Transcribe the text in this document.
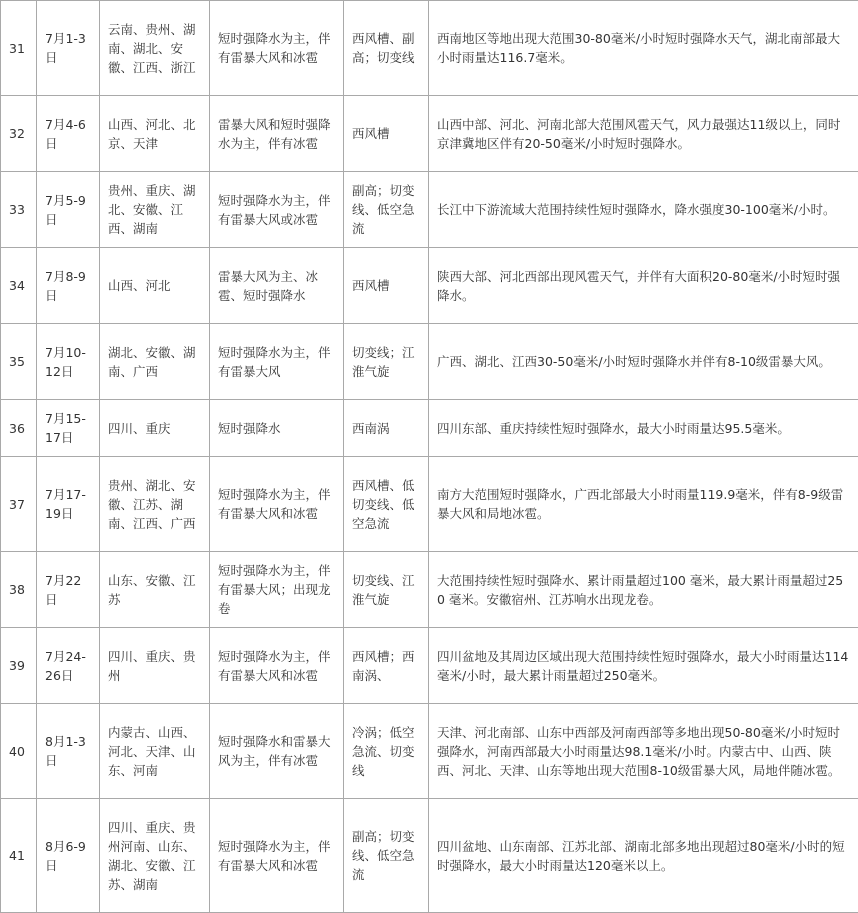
31	7月1-3日	云南、贵州、湖南、湖北、安徽、江西、浙江	短时强降水为主，伴有雷暴大风和冰雹	西风槽、副高；切变线	西南地区等地出现大范围30-80毫米/小时短时强降水天气，湖北南部最大小时雨量达116.7毫米。
32	7月4-6日	山西、河北、北京、天津	雷暴大风和短时强降水为主，伴有冰雹	西风槽	山西中部、河北、河南北部大范围风雹天气，风力最强达11级以上，同时京津冀地区伴有20-50毫米/小时短时强降水。
33	7月5-9日	贵州、重庆、湖北、安徽、江西、湖南	短时强降水为主，伴有雷暴大风或冰雹	副高；切变线、低空急流	长江中下游流域大范围持续性短时强降水，降水强度30-100毫米/小时。
34	7月8-9日	山西、河北	雷暴大风为主、冰雹、短时强降水	西风槽	陕西大部、河北西部出现风雹天气，并伴有大面积20-80毫米/小时短时强降水。
35	7月10-12日	湖北、安徽、湖南、广西	短时强降水为主，伴有雷暴大风	切变线；江淮气旋	广西、湖北、江西30-50毫米/小时短时强降水并伴有8-10级雷暴大风。
36	7月15-17日	四川、重庆	短时强降水	西南涡	四川东部、重庆持续性短时强降水，最大小时雨量达95.5毫米。
37	7月17-19日	贵州、湖北、安徽、江苏、湖南、江西、广西	短时强降水为主，伴有雷暴大风和冰雹	西风槽、低切变线、低空急流	南方大范围短时强降水，广西北部最大小时雨量119.9毫米，伴有8-9级雷暴大风和局地冰雹。
38	7月22日	山东、安徽、江苏	短时强降水为主，伴有雷暴大风；出现龙卷	切变线、江淮气旋	大范围持续性短时强降水、累计雨量超过100 毫米，最大累计雨量超过250 毫米。安徽宿州、江苏响水出现龙卷。
39	7月24-26日	四川、重庆、贵州	短时强降水为主，伴有雷暴大风和冰雹	西风槽；西南涡、	四川盆地及其周边区域出现大范围持续性短时强降水，最大小时雨量达114毫米/小时，最大累计雨量超过250毫米。
40	8月1-3日	内蒙古、山西、河北、天津、山东、河南	短时强降水和雷暴大风为主，伴有冰雹	冷涡；低空急流、切变线	天津、河北南部、山东中西部及河南西部等多地出现50-80毫米/小时短时强降水，河南西部最大小时雨量达98.1毫米/小时。内蒙古中、山西、陕西、河北、天津、山东等地出现大范围8-10级雷暴大风，局地伴随冰雹。
41	8月6-9日	四川、重庆、贵州河南、山东、湖北、安徽、江苏、湖南	短时强降水为主，伴有雷暴大风和冰雹	副高；切变线、低空急流	四川盆地、山东南部、江苏北部、湖南北部多地出现超过80毫米/小时的短时强降水，最大小时雨量达120毫米以上。
